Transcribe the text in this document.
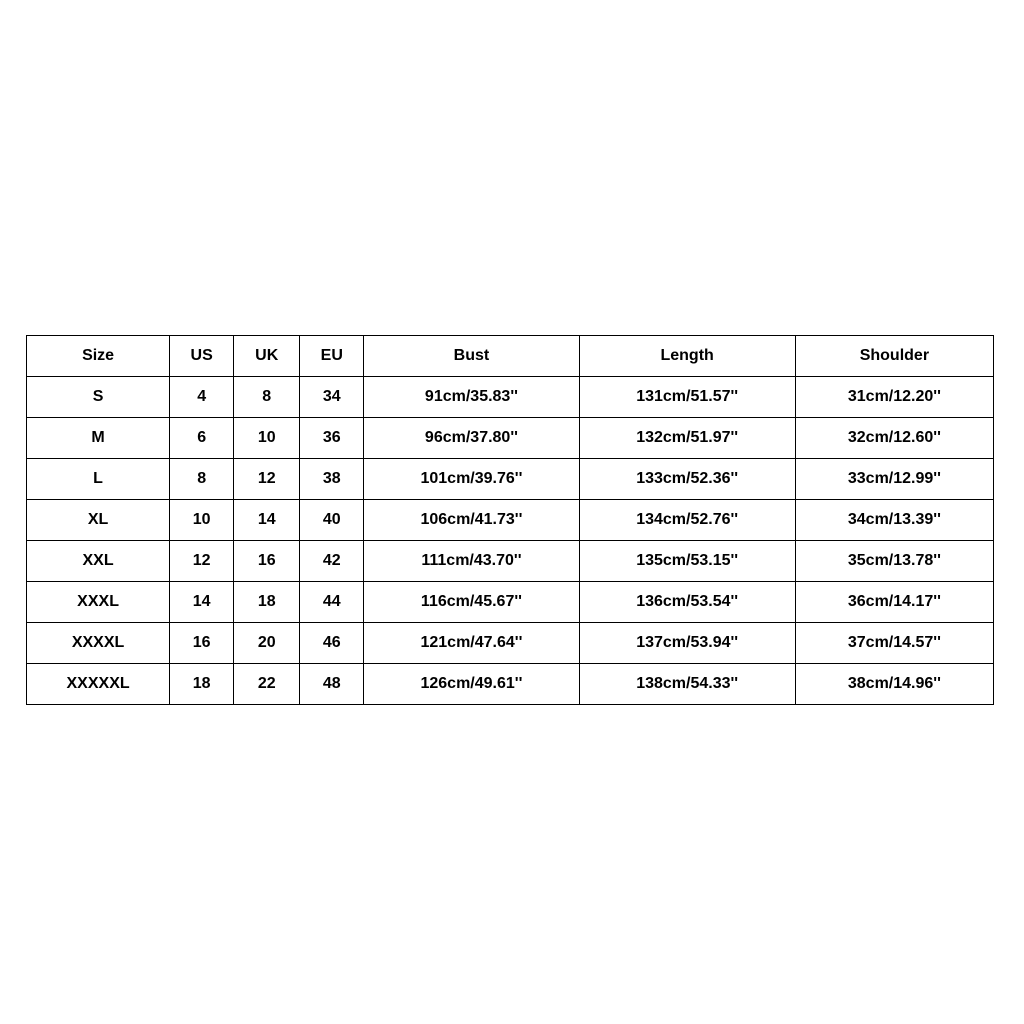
Size	US	UK	EU	Bust	Length	Shoulder
S	4	8	34	91cm/35.83''	131cm/51.57''	31cm/12.20''
M	6	10	36	96cm/37.80''	132cm/51.97''	32cm/12.60''
L	8	12	38	101cm/39.76''	133cm/52.36''	33cm/12.99''
XL	10	14	40	106cm/41.73''	134cm/52.76''	34cm/13.39''
XXL	12	16	42	111cm/43.70''	135cm/53.15''	35cm/13.78''
XXXL	14	18	44	116cm/45.67''	136cm/53.54''	36cm/14.17''
XXXXL	16	20	46	121cm/47.64''	137cm/53.94''	37cm/14.57''
XXXXXL	18	22	48	126cm/49.61''	138cm/54.33''	38cm/14.96''
